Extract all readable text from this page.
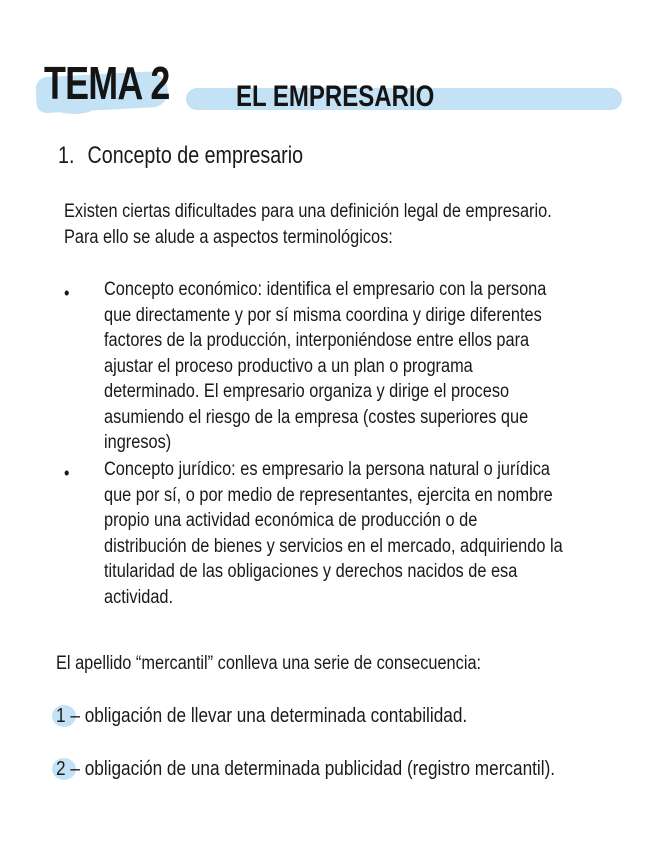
TEMA 2 EL EMPRESARIO
1. Concepto de empresario
Existen ciertas dificultades para una definición legal de empresario.
Para ello se alude a aspectos terminológicos:
• Concepto económico: identifica el empresario con la persona
que directamente y por sí misma coordina y dirige diferentes
factores de la producción, interponiéndose entre ellos para
ajustar el proceso productivo a un plan o programa
determinado. El empresario organiza y dirige el proceso
asumiendo el riesgo de la empresa (costes superiores que
ingresos)
• Concepto jurídico: es empresario la persona natural o jurídica
que por sí, o por medio de representantes, ejercita en nombre
propio una actividad económica de producción o de
distribución de bienes y servicios en el mercado, adquiriendo la
titularidad de las obligaciones y derechos nacidos de esa
actividad.
El apellido “mercantil” conlleva una serie de consecuencia:
1 – obligación de llevar una determinada contabilidad.
2 – obligación de una determinada publicidad (registro mercantil).
